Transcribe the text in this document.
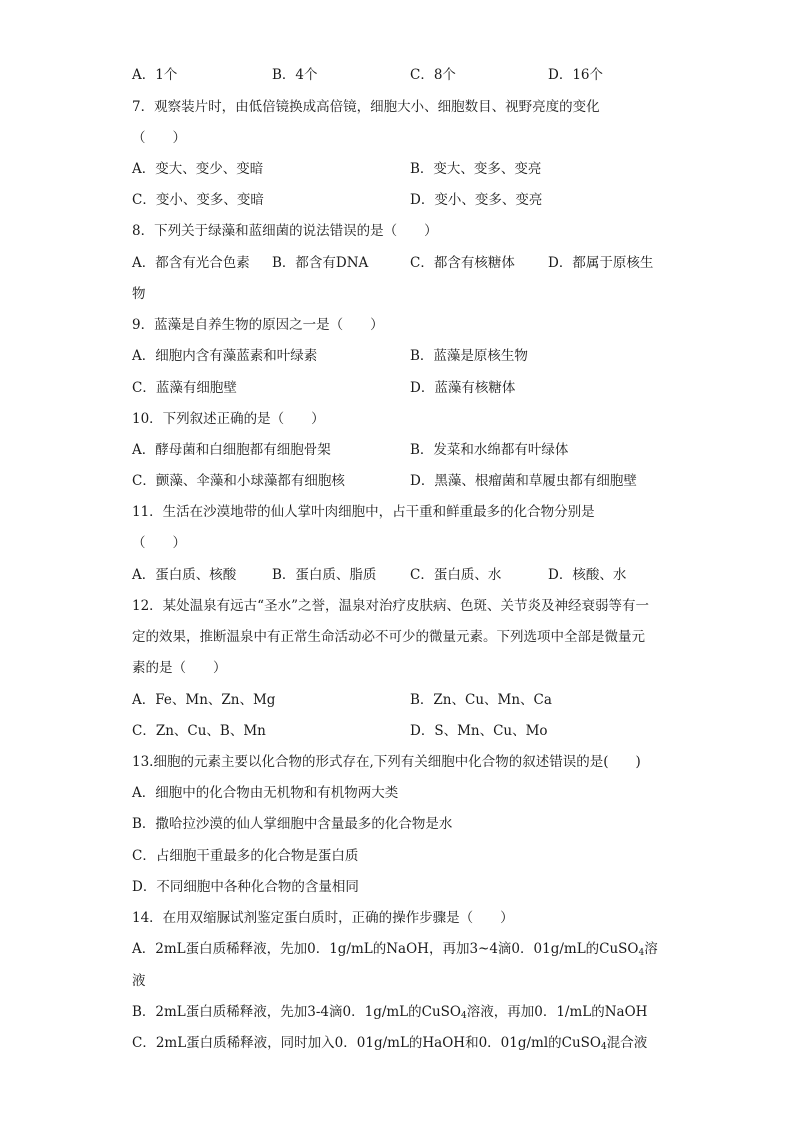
A．1个	B．4个	C．8个	D．16个
7．观察装片时，由低倍镜换成高倍镜，细胞大小、细胞数目、视野亮度的变化
（　　）
A．变大、变少、变暗	B．变大、变多、变亮
C．变小、变多、变暗	D．变小、变多、变亮
8．下列关于绿藻和蓝细菌的说法错误的是（　　）
A．都含有光合色素 B．都含有DNA	C．都含有核糖体 D．都属于原核生
物
9．蓝藻是自养生物的原因之一是（　　）
A．细胞内含有藻蓝素和叶绿素	B．蓝藻是原核生物
C．蓝藻有细胞壁	D．蓝藻有核糖体
10．下列叙述正确的是（　　）
A．酵母菌和白细胞都有细胞骨架	B．发菜和水绵都有叶绿体
C．颤藻、伞藻和小球藻都有细胞核	D．黑藻、根瘤菌和草履虫都有细胞壁
11．生活在沙漠地带的仙人掌叶肉细胞中，占干重和鲜重最多的化合物分别是
（　　）
A．蛋白质、核酸	B．蛋白质、脂质 C．蛋白质、水	D．核酸、水
12．某处温泉有远古“圣水”之誉，温泉对治疗皮肤病、色斑、关节炎及神经衰弱等有一
定的效果，推断温泉中有正常生命活动必不可少的微量元素。下列选项中全部是微量元
素的是（　　）
A．Fe、Mn、Zn、Mg	B．Zn、Cu、Mn、Ca
C．Zn、Cu、B、Mn	D．S、Mn、Cu、Mo
13.细胞的元素主要以化合物的形式存在,下列有关细胞中化合物的叙述错误的是(　　)
A．细胞中的化合物由无机物和有机物两大类
B．撒哈拉沙漠的仙人掌细胞中含量最多的化合物是水
C．占细胞干重最多的化合物是蛋白质
D．不同细胞中各种化合物的含量相同
14．在用双缩脲试剂鉴定蛋白质时，正确的操作步骤是（　　）
A．2mL蛋白质稀释液，先加0．1g/mL的NaOH，再加3~4滴0．01g/mL的CuSO$_4$溶
液
B．2mL蛋白质稀释液，先加3-4滴0．1g/mL的CuSO$_4$溶液，再加0．1/mL的NaOH
C．2mL蛋白质稀释液，同时加入0．01g/mL的HaOH和0．01g/ml的CuSO$_4$混合液
